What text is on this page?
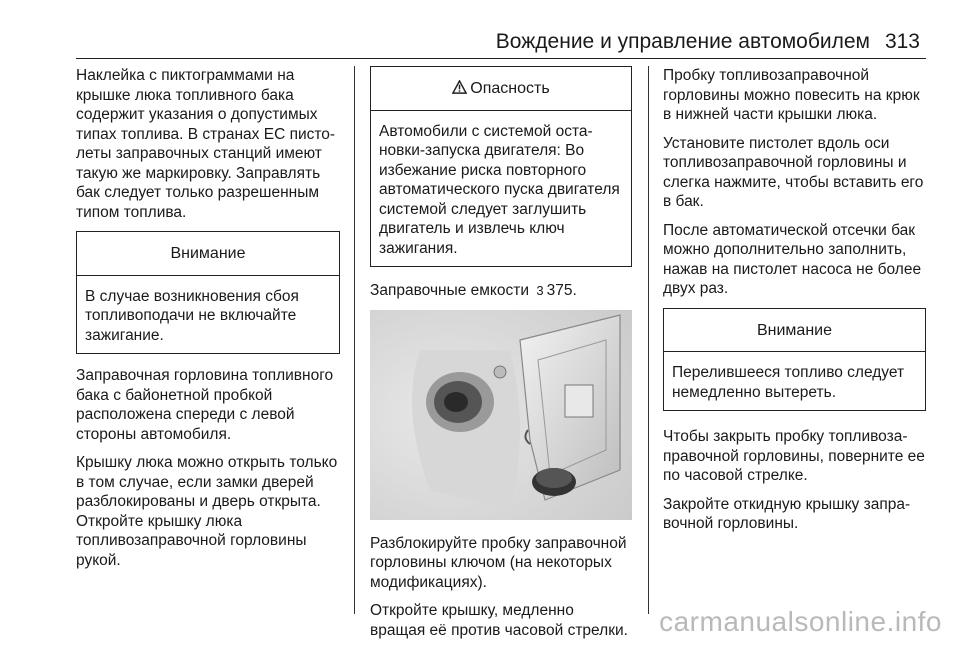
Вождение и управление автомобилем 313

Наклейка с пиктограммами на крышке люка топливного бака содержит указания о допустимых типах топлива. В странах ЕС пистолеты заправочных станций имеют такую же маркировку. Заправлять бак следует только разрешенным типом топлива.

Внимание
В случае возникновения сбоя топливоподачи не включайте зажигание.

Заправочная горловина топливного бака с байонетной пробкой расположена спереди с левой стороны автомобиля.

Крышку люка можно открыть только в том случае, если замки дверей разблокированы и дверь открыта. Откройте крышку люка топливозаправочной горловины рукой.

Опасность
Автомобили с системой остановки-запуска двигателя: Во избежание риска повторного автоматического пуска двигателя системой следует заглушить двигатель и извлечь ключ зажигания.

Заправочные емкости 3 375.

Разблокируйте пробку заправочной горловины ключом (на некоторых модификациях).

Откройте крышку, медленно вращая её против часовой стрелки.

Пробку топливозаправочной горловины можно повесить на крюк в нижней части крышки люка.

Установите пистолет вдоль оси топливозаправочной горловины и слегка нажмите, чтобы вставить его в бак.

После автоматической отсечки бак можно дополнительно заполнить, нажав на пистолет насоса не более двух раз.

Внимание
Перелившееся топливо следует немедленно вытереть.

Чтобы закрыть пробку топливозаправочной горловины, поверните ее по часовой стрелке.

Закройте откидную крышку заправочной горловины.

carmanualsonline.info
